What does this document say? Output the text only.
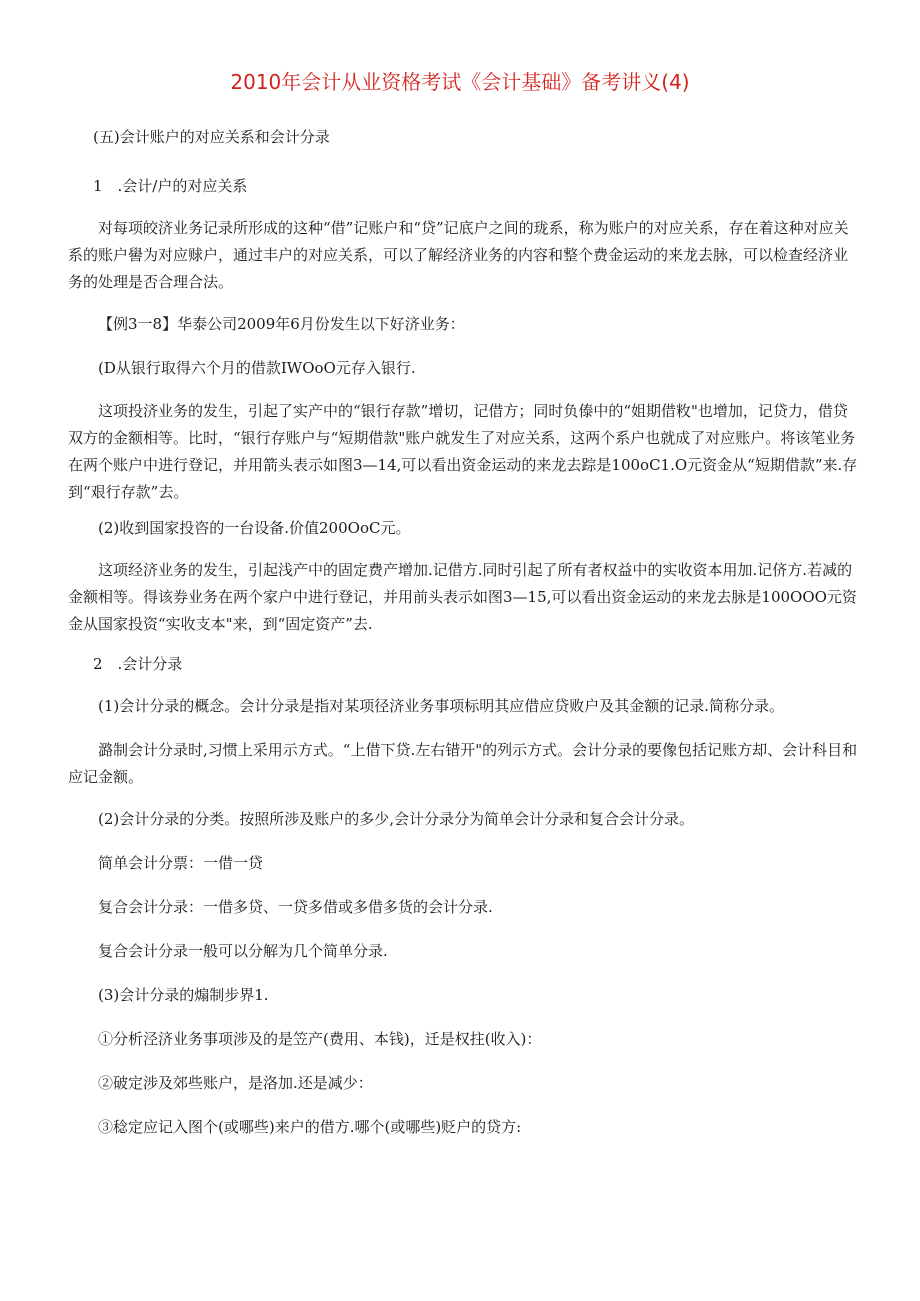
2010年会计从业资格考试《会计基础》备考讲义(4)
(五)会计账户的对应关系和会计分录
1　.会计/户的对应关系
对每项皎济业务记录所形成的这种“借”记账户和“贷”记底户之间的珑系，称为账户的对应关系，存在着这种对应关系的账户嚳为对应赇户，通过丰户的对应关系，可以了解经济业务的内容和整个费金运动的来龙去脉，可以检查经济业务的处理是否合理合法。
【例3一8】华泰公司2009年6月份发生以下好济业务：
(D从银行取得六个月的借款IWOoO元存入银行.
这项投济业务的发生，引起了实产中的“银行存款”增切，记借方；同时负傣中的“姐期借敉"也增加，记贷力，借贷双方的金额相等。比时，“银行存账户与“短期借款"账户就发生了对应关系，这两个系户也就成了对应账户。将该笔业务在两个账户中进行登记，并用箭头表示如图3—14,可以看出资金运动的来龙去踪是100oC1.O元资金从“短期借款”来.存到“艰行存款”去。
(2)收到国家投咨的一台设备.价值200OoC元。
这项经济业务的发生，引起浅产中的固定费产增加.记借方.同时引起了所有者权益中的实收资本用加.记侪方.若减的金额相等。得该券业务在两个家户中进行登记，并用前头表示如图3—15,可以看出资金运动的来龙去脉是100OOO元资金从国家投资“实收支本"来，到“固定资产”去.
2　.会计分录
(1)会计分录的概念。会计分录是指对某项径济业务事项标明其应借应贷败户及其金额的记录.简称分录。
潞制会计分录时,习惯上采用示方式。“上借下贷.左右错开"的列示方式。会计分录的要像包括记账方却、会计科目和应记金额。
(2)会计分录的分类。按照所涉及账户的多少,会计分录分为简单会计分录和复合会计分录。
简单会计分票：一借一贷
复合会计分录：一借多贷、一贷多借或多借多货的会计分录.
复合会计分录一般可以分解为几个简单分录.
(3)会计分录的煽制步界1.
①分析泾济业务事项涉及的是笠产(费用、本钱)，迁是权拄(收入)：
②破定涉及郊些账户，是洛加.还是减少：
③稔定应记入图个(或哪些)来户的借方.哪个(或哪些)贬户的贷方:
